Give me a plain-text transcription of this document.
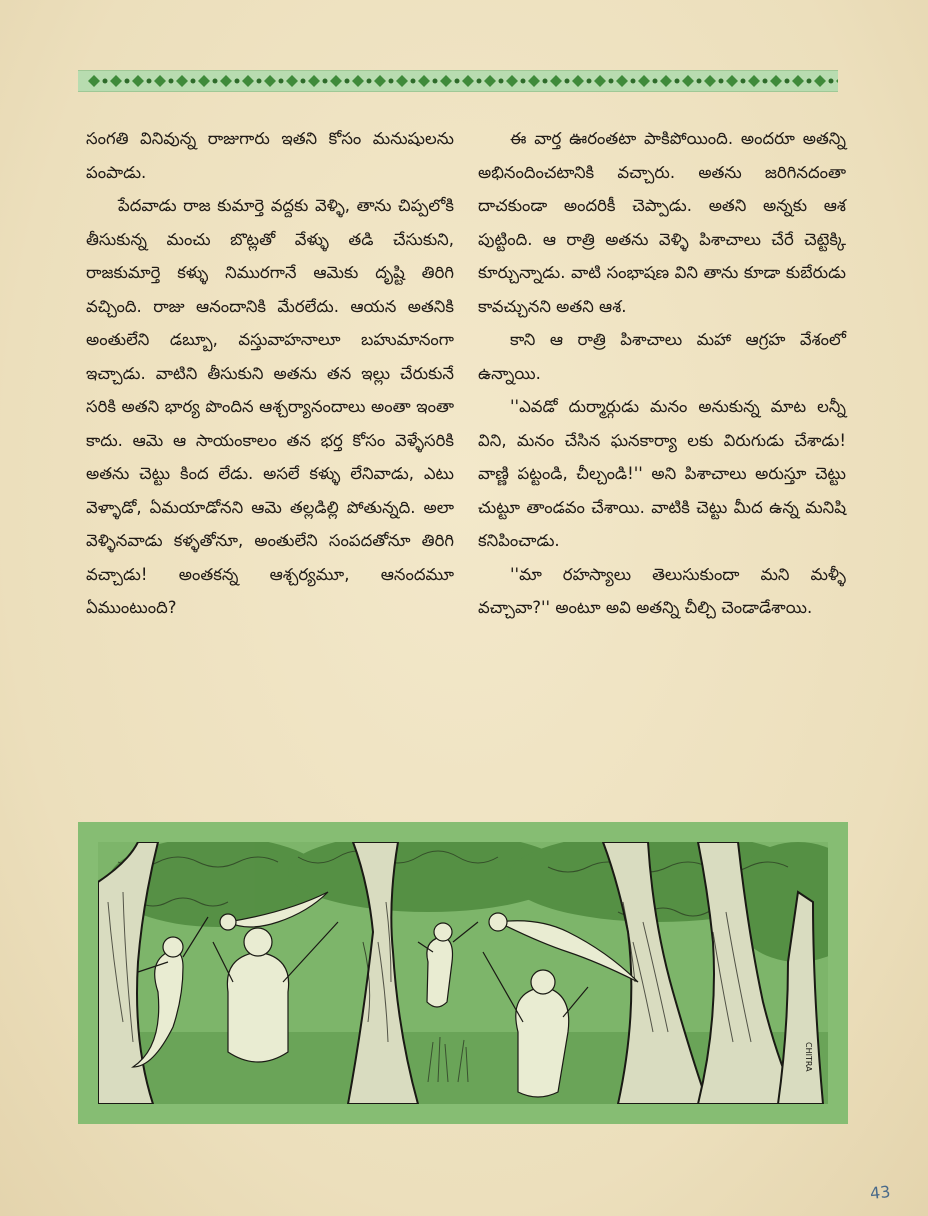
సంగతి వినివున్న రాజుగారు ఇతని కోసం మనుషులను పంపాడు.

పేదవాడు రాజ కుమార్తె వద్దకు వెళ్ళి, తాను చిప్పలోకి తీసుకున్న మంచు బొట్లతో వేళ్ళు తడి చేసుకుని, రాజకుమార్తె కళ్ళు నిమురగానే ఆమెకు దృష్టి తిరిగి వచ్చింది. రాజు ఆనందానికి మేరలేదు. ఆయన అతనికి అంతులేని డబ్బూ, వస్తువాహనాలూ బహుమానంగా ఇచ్చాడు. వాటిని తీసుకుని అతను తన ఇల్లు చేరుకునే సరికి అతని భార్య పొందిన ఆశ్చర్యానందాలు అంతా ఇంతా కాదు. ఆమె ఆ సాయంకాలం తన భర్త కోసం వెళ్ళేసరికి అతను చెట్టు కింద లేడు. అసలే కళ్ళు లేనివాడు, ఎటు వెళ్ళాడో, ఏమయాడోనని ఆమె తల్లడిల్లి పోతున్నది. అలా వెళ్ళినవాడు కళ్ళతోనూ, అంతులేని సంపదతోనూ తిరిగి వచ్చాడు! అంతకన్న ఆశ్చర్యమూ, ఆనందమూ ఏముంటుంది?

ఈ వార్త ఊరంతటా పాకిపోయింది. అందరూ అతన్ని అభినందించటానికి వచ్చారు. అతను జరిగినదంతా దాచకుండా అందరికీ చెప్పాడు. అతని అన్నకు ఆశ పుట్టింది. ఆ రాత్రి అతను వెళ్ళి పిశాచాలు చేరే చెట్టెక్కి కూర్చున్నాడు. వాటి సంభాషణ విని తాను కూడా కుబేరుడు కావచ్చునని అతని ఆశ.

కాని ఆ రాత్రి పిశాచాలు మహా ఆగ్రహ వేశంలో ఉన్నాయి.

''ఎవడో దుర్మార్గుడు మనం అనుకున్న మాట లన్నీ విని, మనం చేసిన ఘనకార్యా లకు విరుగుడు చేశాడు! వాణ్ణి పట్టండి, చీల్చండి!'' అని పిశాచాలు అరుస్తూ చెట్టు చుట్టూ తాండవం చేశాయి. వాటికి చెట్టు మీద ఉన్న మనిషి కనిపించాడు.

''మా రహస్యాలు తెలుసుకుందా మని మళ్ళీ వచ్చావా?'' అంటూ అవి అతన్ని చీల్చి చెండాడేశాయి.

CHITRA
43
